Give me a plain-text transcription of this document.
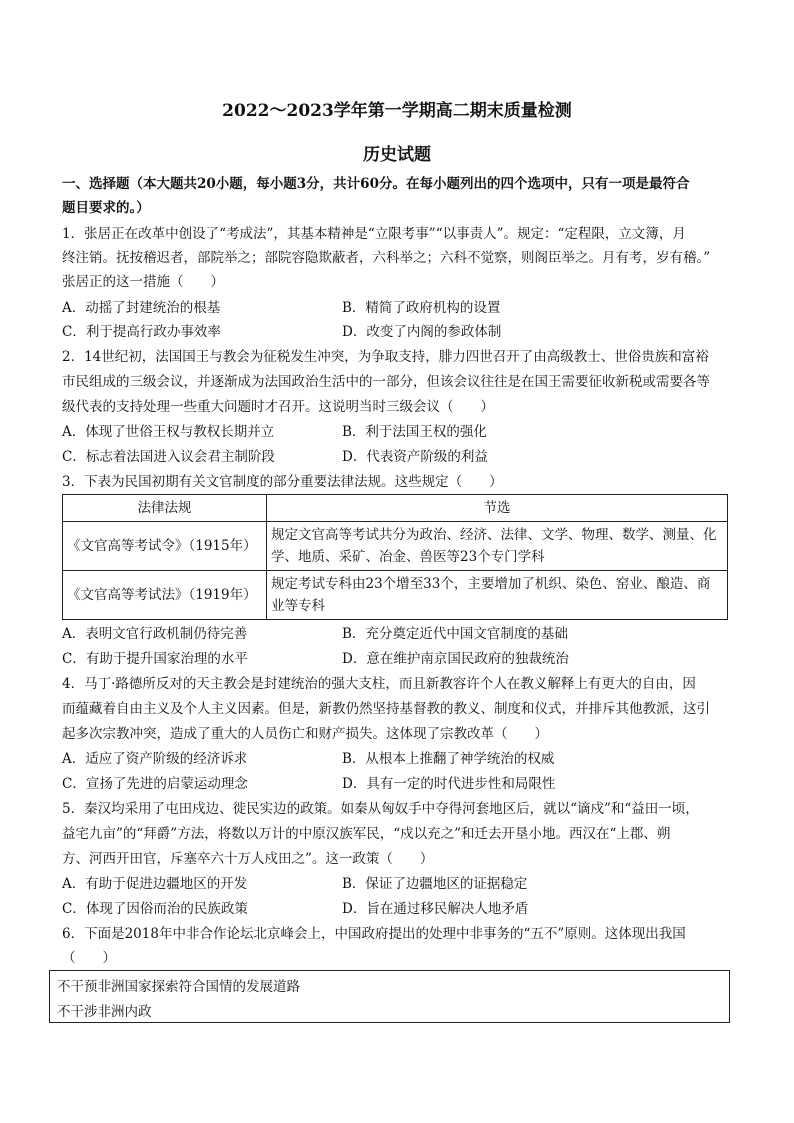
2022～2023学年第一学期高二期末质量检测
历史试题
一、选择题（本大题共20小题，每小题3分，共计60分。在每小题列出的四个选项中，只有一项是最符合
题目要求的。）
1．张居正在改革中创设了“考成法”，其基本精神是“立限考事”“以事责人”。规定：“定程限，立文簿，月
终注销。抚按稽迟者，部院举之；部院容隐欺蔽者，六科举之；六科不觉察，则阁臣举之。月有考，岁有稽。”
张居正的这一措施（　　）
A．动摇了封建统治的根基	B．精简了政府机构的设置
C．利于提高行政办事效率	D．改变了内阁的参政体制
2．14世纪初，法国国王与教会为征税发生冲突，为争取支持，腓力四世召开了由高级教士、世俗贵族和富裕
市民组成的三级会议，并逐渐成为法国政治生活中的一部分，但该会议往往是在国王需要征收新税或需要各等
级代表的支持处理一些重大问题时才召开。这说明当时三级会议（　　）
A．体现了世俗王权与教权长期并立	B．利于法国王权的强化
C．标志着法国进入议会君主制阶段	D．代表资产阶级的利益
3．下表为民国初期有关文官制度的部分重要法律法规。这些规定（　　）
法律法规	节选
《文官高等考试令》（1915年）	规定文官高等考试共分为政治、经济、法律、文学、物理、数学、测量、化
学、地质、采矿、冶金、兽医等23个专门学科

《文官高等考试法》（1919年）	规定考试专科由23个增至33个，主要增加了机织、染色、窑业、酿造、商
业等专科
A．表明文官行政机制仍待完善	B．充分奠定近代中国文官制度的基础
C．有助于提升国家治理的水平	D．意在维护南京国民政府的独裁统治
4．马丁·路德所反对的天主教会是封建统治的强大支柱，而且新教容许个人在教义解释上有更大的自由，因
而蕴藏着自由主义及个人主义因素。但是，新教仍然坚持基督教的教义、制度和仪式，并排斥其他教派，这引
起多次宗教冲突，造成了重大的人员伤亡和财产损失。这体现了宗教改革（　　）
A．适应了资产阶级的经济诉求	B．从根本上推翻了神学统治的权威
C．宣扬了先进的启蒙运动理念	D．具有一定的时代进步性和局限性
5．秦汉均采用了屯田戍边、徙民实边的政策。如秦从匈奴手中夺得河套地区后，就以“谪戍”和“益田一顷，
益宅九亩”的“拜爵”方法，将数以万计的中原汉族军民，“戍以充之”和迁去开垦小地。西汉在“上郡、朔
方、河西开田官，斥塞卒六十万人戍田之”。这一政策（　　）
A．有助于促进边疆地区的开发	B．保证了边疆地区的证据稳定
C．体现了因俗而治的民族政策	D．旨在通过移民解决人地矛盾
6．下面是2018年中非合作论坛北京峰会上，中国政府提出的处理中非事务的“五不”原则。这体现出我国
（　　）
不干预非洲国家探索符合国情的发展道路
不干涉非洲内政
